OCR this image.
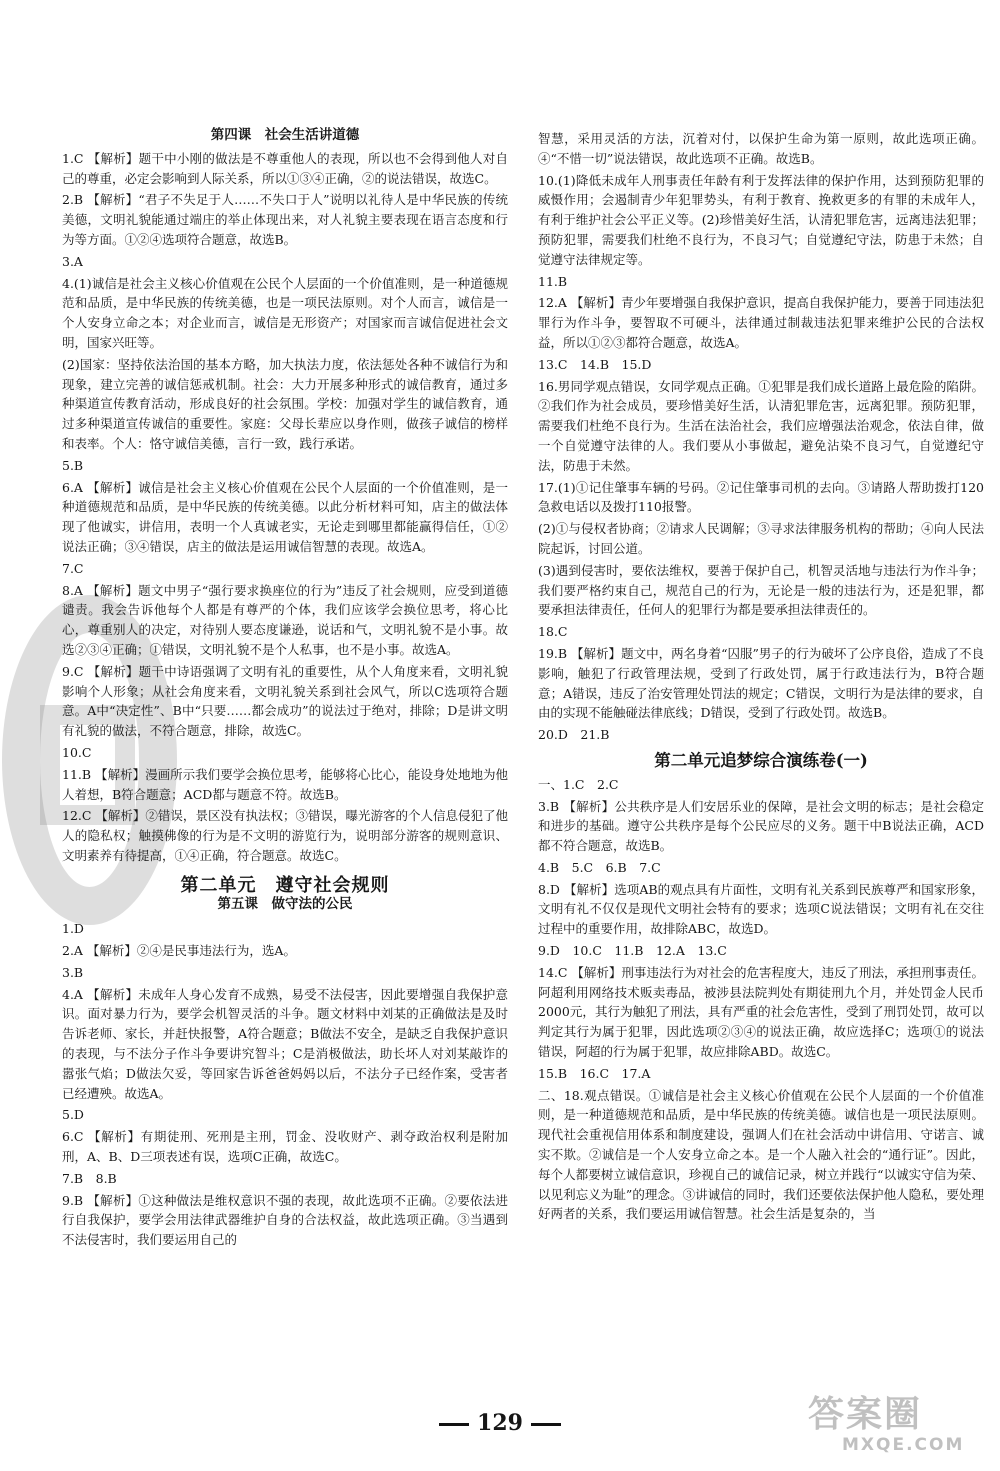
第四课　社会生活讲道德
1.C 【解析】题干中小刚的做法是不尊重他人的表现，所以也不会得到他人对自己的尊重，必定会影响到人际关系，所以①③④正确，②的说法错误，故选C。
2.B 【解析】“君子不失足于人……不失口于人”说明以礼待人是中华民族的传统美德，文明礼貌能通过端庄的举止体现出来，对人礼貌主要表现在语言态度和行为等方面。①②④选项符合题意，故选B。
3.A
4.(1)诚信是社会主义核心价值观在公民个人层面的一个价值准则，是一种道德规范和品质，是中华民族的传统美德，也是一项民法原则。对个人而言，诚信是一个人安身立命之本；对企业而言，诚信是无形资产；对国家而言诚信促进社会文明，国家兴旺等。
(2)国家：坚持依法治国的基本方略，加大执法力度，依法惩处各种不诚信行为和现象，建立完善的诚信惩戒机制。社会：大力开展多种形式的诚信教育，通过多种渠道宣传教育活动，形成良好的社会氛围。学校：加强对学生的诚信教育，通过多种渠道宣传诚信的重要性。家庭：父母长辈应以身作则，做孩子诚信的榜样和表率。个人：恪守诚信美德，言行一致，践行承诺。
5.B
6.A 【解析】诚信是社会主义核心价值观在公民个人层面的一个价值准则，是一种道德规范和品质，是中华民族的传统美德。以此分析材料可知，店主的做法体现了他诚实，讲信用，表明一个人真诚老实，无论走到哪里都能赢得信任，①②说法正确；③④错误，店主的做法是运用诚信智慧的表现。故选A。
7.C
8.A 【解析】题文中男子“强行要求换座位的行为”违反了社会规则，应受到道德谴责。我会告诉他每个人都是有尊严的个体，我们应该学会换位思考，将心比心，尊重别人的决定，对待别人要态度谦逊，说话和气，文明礼貌不是小事。故选②③④正确；①错误，文明礼貌不是个人私事，也不是小事。故选A。
9.C 【解析】题干中诗语强调了文明有礼的重要性，从个人角度来看，文明礼貌影响个人形象；从社会角度来看，文明礼貌关系到社会风气，所以C选项符合题意。A中“决定性”、B中“只要……都会成功”的说法过于绝对，排除；D是讲文明有礼貌的做法，不符合题意，排除，故选C。
10.C
11.B 【解析】漫画所示我们要学会换位思考，能够将心比心，能设身处地地为他人着想，B符合题意；ACD都与题意不符。故选B。
12.C 【解析】②错误，景区没有执法权；③错误，曝光游客的个人信息侵犯了他人的隐私权；触摸佛像的行为是不文明的游览行为，说明部分游客的规则意识、文明素养有待提高，①④正确，符合题意。故选C。
第二单元　遵守社会规则
第五课　做守法的公民
1.D
2.A 【解析】②④是民事违法行为，选A。
3.B
4.A 【解析】未成年人身心发育不成熟，易受不法侵害，因此要增强自我保护意识。面对暴力行为，要学会机智灵活的斗争。题文材料中刘某的正确做法是及时告诉老师、家长，并赶快报警，A符合题意；B做法不安全，是缺乏自我保护意识的表现，与不法分子作斗争要讲究智斗；C是消极做法，助长坏人对刘某敲诈的嚣张气焰；D做法欠妥，等回家告诉爸爸妈妈以后，不法分子已经作案，受害者已经遭殃。故选A。
5.D
6.C 【解析】有期徒刑、死刑是主刑，罚金、没收财产、剥夺政治权利是附加刑，A、B、D三项表述有误，选项C正确，故选C。
7.B　8.B
9.B 【解析】①这种做法是维权意识不强的表现，故此选项不正确。②要依法进行自我保护，要学会用法律武器维护自身的合法权益，故此选项正确。③当遇到不法侵害时，我们要运用自己的
智慧，采用灵活的方法，沉着对付，以保护生命为第一原则，故此选项正确。④“不惜一切”说法错误，故此选项不正确。故选B。
10.(1)降低未成年人刑事责任年龄有利于发挥法律的保护作用，达到预防犯罪的威慑作用；会遏制青少年犯罪势头，有利于教育、挽救更多的有罪的未成年人，有利于维护社会公平正义等。(2)珍惜美好生活，认清犯罪危害，远离违法犯罪；预防犯罪，需要我们杜绝不良行为，不良习气；自觉遵纪守法，防患于未然；自觉遵守法律规定等。
11.B
12.A 【解析】青少年要增强自我保护意识，提高自我保护能力，要善于同违法犯罪行为作斗争，要智取不可硬斗，法律通过制裁违法犯罪来维护公民的合法权益，所以①②③都符合题意，故选A。
13.C　14.B　15.D
16.男同学观点错误，女同学观点正确。①犯罪是我们成长道路上最危险的陷阱。②我们作为社会成员，要珍惜美好生活，认清犯罪危害，远离犯罪。预防犯罪，需要我们杜绝不良行为。生活在法治社会，我们应增强法治观念，依法自律，做一个自觉遵守法律的人。我们要从小事做起，避免沾染不良习气，自觉遵纪守法，防患于未然。
17.(1)①记住肇事车辆的号码。②记住肇事司机的去向。③请路人帮助拨打120急救电话以及拨打110报警。
(2)①与侵权者协商；②请求人民调解；③寻求法律服务机构的帮助；④向人民法院起诉，讨回公道。
(3)遇到侵害时，要依法维权，要善于保护自己，机智灵活地与违法行为作斗争；我们要严格约束自己，规范自己的行为，无论是一般的违法行为，还是犯罪，都要承担法律责任，任何人的犯罪行为都是要承担法律责任的。
18.C
19.B 【解析】题文中，两名身着“囚服”男子的行为破坏了公序良俗，造成了不良影响，触犯了行政管理法规，受到了行政处罚，属于行政违法行为，B符合题意；A错误，违反了治安管理处罚法的规定；C错误，文明行为是法律的要求，自由的实现不能触碰法律底线；D错误，受到了行政处罚。故选B。
20.D　21.B
第二单元追梦综合演练卷(一)
一、1.C　2.C
3.B 【解析】公共秩序是人们安居乐业的保障，是社会文明的标志；是社会稳定和进步的基础。遵守公共秩序是每个公民应尽的义务。题干中B说法正确，ACD都不符合题意，故选B。
4.B　5.C　6.B　7.C
8.D 【解析】选项AB的观点具有片面性，文明有礼关系到民族尊严和国家形象，文明有礼不仅仅是现代文明社会特有的要求；选项C说法错误；文明有礼在交往过程中的重要作用，故排除ABC，故选D。
9.D　10.C　11.B　12.A　13.C
14.C 【解析】刑事违法行为对社会的危害程度大，违反了刑法，承担刑事责任。阿超利用网络技术贩卖毒品，被涉县法院判处有期徒刑九个月，并处罚金人民币2000元，其行为触犯了刑法，具有严重的社会危害性，受到了刑罚处罚，故可以判定其行为属于犯罪，因此选项②③④的说法正确，故应选择C；选项①的说法错误，阿超的行为属于犯罪，故应排除ABD。故选C。
15.B　16.C　17.A
二、18.观点错误。①诚信是社会主义核心价值观在公民个人层面的一个价值准则，是一种道德规范和品质，是中华民族的传统美德。诚信也是一项民法原则。现代社会重视信用体系和制度建设，强调人们在社会活动中讲信用、守诺言、诚实不欺。②诚信是一个人安身立命之本。是一个人融入社会的“通行证”。因此，每个人都要树立诚信意识，珍视自己的诚信记录，树立并践行“以诚实守信为荣、以见利忘义为耻”的理念。③讲诚信的同时，我们还要依法保护他人隐私，要处理好两者的关系，我们要运用诚信智慧。社会生活是复杂的，当
129	答案圈
MXQE.COM
